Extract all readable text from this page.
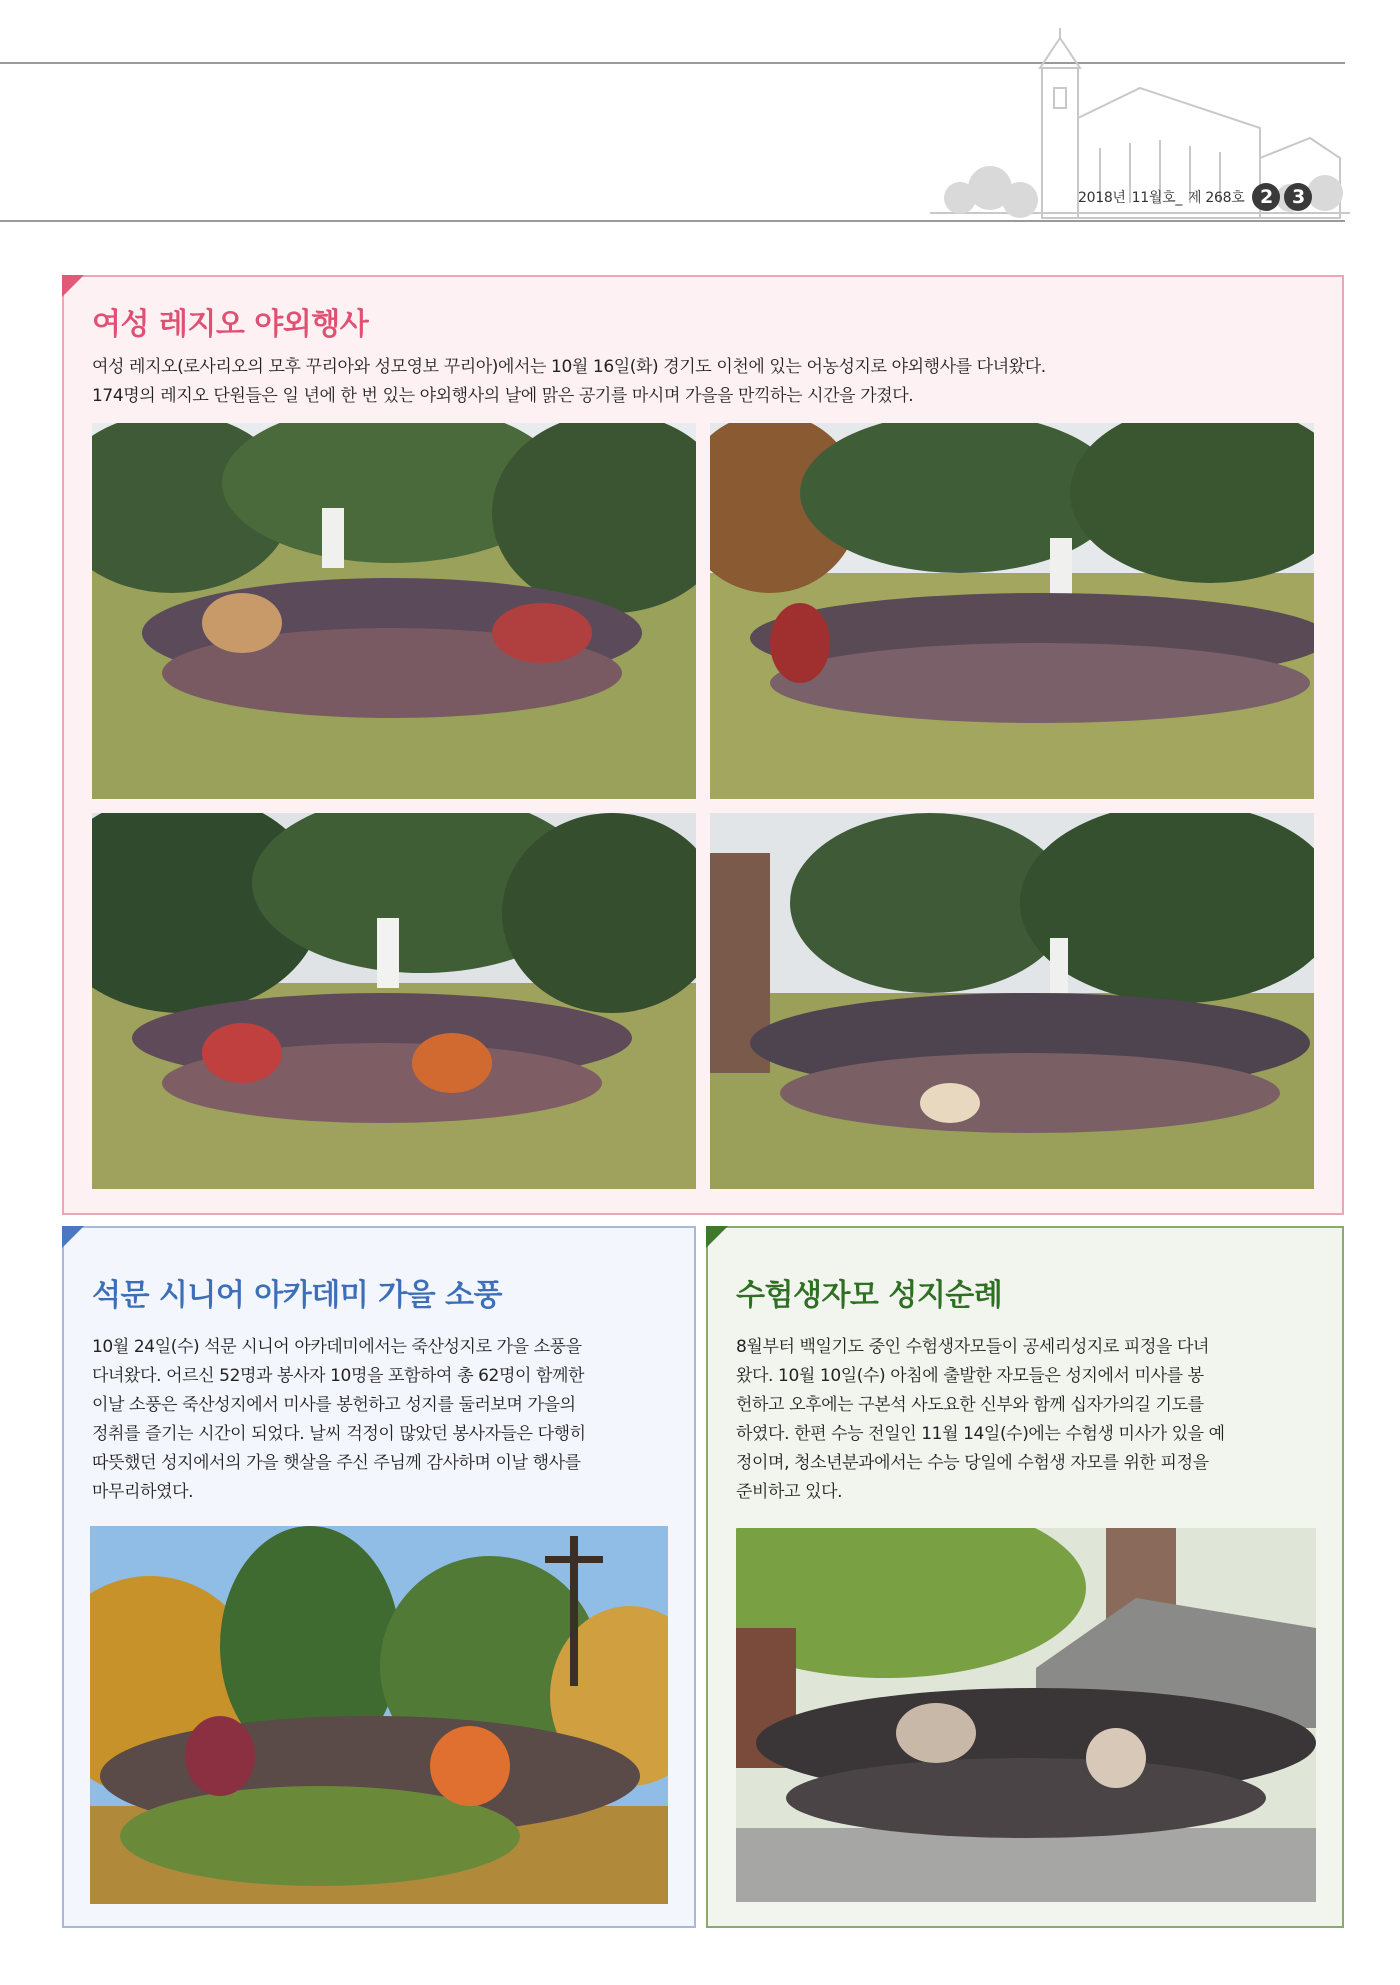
2018년 11월호_ 제 268호 2	3
여성 레지오 야외행사

여성 레지오(로사리오의 모후 꾸리아와 성모영보 꾸리아)에서는 10월 16일(화) 경기도 이천에 있는 어농성지로 야외행사를 다녀왔다.

174명의 레지오 단원들은 일 년에 한 번 있는 야외행사의 날에 맑은 공기를 마시며 가을을 만끽하는 시간을 가졌다.

석문 시니어 아카데미 가을 소풍

10월 24일(수) 석문 시니어 아카데미에서는 죽산성지로 가을 소풍을

다녀왔다. 어르신 52명과 봉사자 10명을 포함하여 총 62명이 함께한

이날 소풍은 죽산성지에서 미사를 봉헌하고 성지를 둘러보며 가을의

정취를 즐기는 시간이 되었다. 날씨 걱정이 많았던 봉사자들은 다행히

따뜻했던 성지에서의 가을 햇살을 주신 주님께 감사하며 이날 행사를

마무리하였다.

수험생자모 성지순례

8월부터 백일기도 중인 수험생자모들이 공세리성지로 피정을 다녀

왔다. 10월 10일(수) 아침에 출발한 자모들은 성지에서 미사를 봉

헌하고 오후에는 구본석 사도요한 신부와 함께 십자가의길 기도를

하였다. 한편 수능 전일인 11월 14일(수)에는 수험생 미사가 있을 예

정이며, 청소년분과에서는 수능 당일에 수험생 자모를 위한 피정을

준비하고 있다.
